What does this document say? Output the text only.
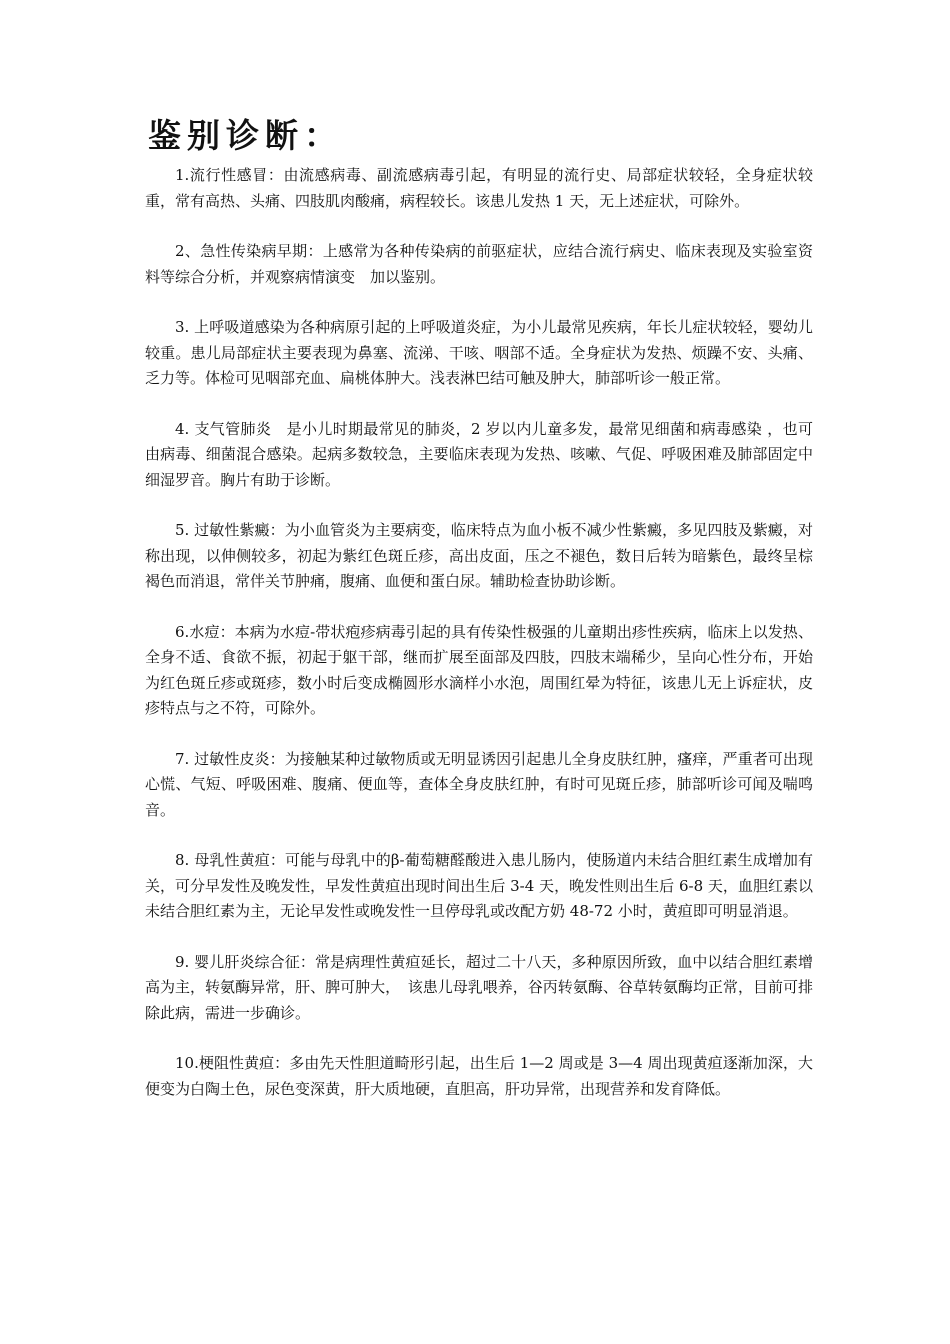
鉴别诊断：

1.流行性感冒：由流感病毒、副流感病毒引起，有明显的流行史、局部症状较轻，全身症状较重，常有高热、头痛、四肢肌肉酸痛，病程较长。该患儿发热 1 天，无上述症状，可除外。

2、急性传染病早期：上感常为各种传染病的前驱症状，应结合流行病史、临床表现及实验室资料等综合分析，并观察病情演变　加以鉴别。

3. 上呼吸道感染为各种病原引起的上呼吸道炎症，为小儿最常见疾病，年长儿症状较轻，婴幼儿较重。患儿局部症状主要表现为鼻塞、流涕、干咳、咽部不适。全身症状为发热、烦躁不安、头痛、乏力等。体检可见咽部充血、扁桃体肿大。浅表淋巴结可触及肿大，肺部听诊一般正常。

4. 支气管肺炎　是小儿时期最常见的肺炎，2 岁以内儿童多发，最常见细菌和病毒感染 ，也可由病毒、细菌混合感染。起病多数较急，主要临床表现为发热、咳嗽、气促、呼吸困难及肺部固定中细湿罗音。胸片有助于诊断。

5. 过敏性紫癜：为小血管炎为主要病变，临床特点为血小板不减少性紫癜，多见四肢及紫癜，对称出现，以伸侧较多，初起为紫红色斑丘疹，高出皮面，压之不褪色，数日后转为暗紫色，最终呈棕褐色而消退，常伴关节肿痛，腹痛、血便和蛋白尿。辅助检查协助诊断。

6.水痘：本病为水痘-带状疱疹病毒引起的具有传染性极强的儿童期出疹性疾病，临床上以发热、全身不适、食欲不振，初起于躯干部，继而扩展至面部及四肢，四肢末端稀少，呈向心性分布，开始为红色斑丘疹或斑疹，数小时后变成椭圆形水滴样小水泡，周围红晕为特征，该患儿无上诉症状，皮疹特点与之不符，可除外。

7. 过敏性皮炎：为接触某种过敏物质或无明显诱因引起患儿全身皮肤红肿，瘙痒，严重者可出现心慌、气短、呼吸困难、腹痛、便血等，查体全身皮肤红肿，有时可见斑丘疹，肺部听诊可闻及喘鸣音。

8. 母乳性黄疸：可能与母乳中的β-葡萄糖醛酸进入患儿肠内，使肠道内未结合胆红素生成增加有关，可分早发性及晚发性，早发性黄疸出现时间出生后 3-4 天，晚发性则出生后 6-8 天，血胆红素以未结合胆红素为主，无论早发性或晚发性一旦停母乳或改配方奶 48-72 小时，黄疸即可明显消退。

9. 婴儿肝炎综合征：常是病理性黄疸延长，超过二十八天，多种原因所致，血中以结合胆红素增高为主，转氨酶异常，肝、脾可肿大，　该患儿母乳喂养，谷丙转氨酶、谷草转氨酶均正常，目前可排除此病，需进一步确诊。

10.梗阻性黄疸：多由先天性胆道畸形引起，出生后 1—2 周或是 3—4 周出现黄疸逐渐加深，大便变为白陶土色，尿色变深黄，肝大质地硬，直胆高，肝功异常，出现营养和发育降低。
